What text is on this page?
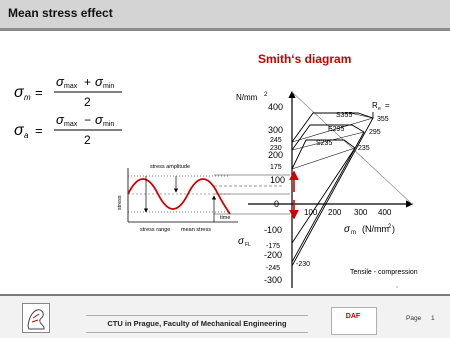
Mean stress effect
σ m =
σ max + σ min
2
σ a =
σ max − σ min
2
Smith‘s diagram
N/mm 2
400
300
200
100
0
-100
-200
-300
100 200 300 400
σ m (N/mm 2 )
σ FL
R e =
355
295
235
S355
E295
S235
245
230
175
-175
-245
-230
Tensile - compression
,
stress amplitude
stress
time
stress range mean stress
CTU in Prague, Faculty of Mechanical Engineering
DAF	Page 1
